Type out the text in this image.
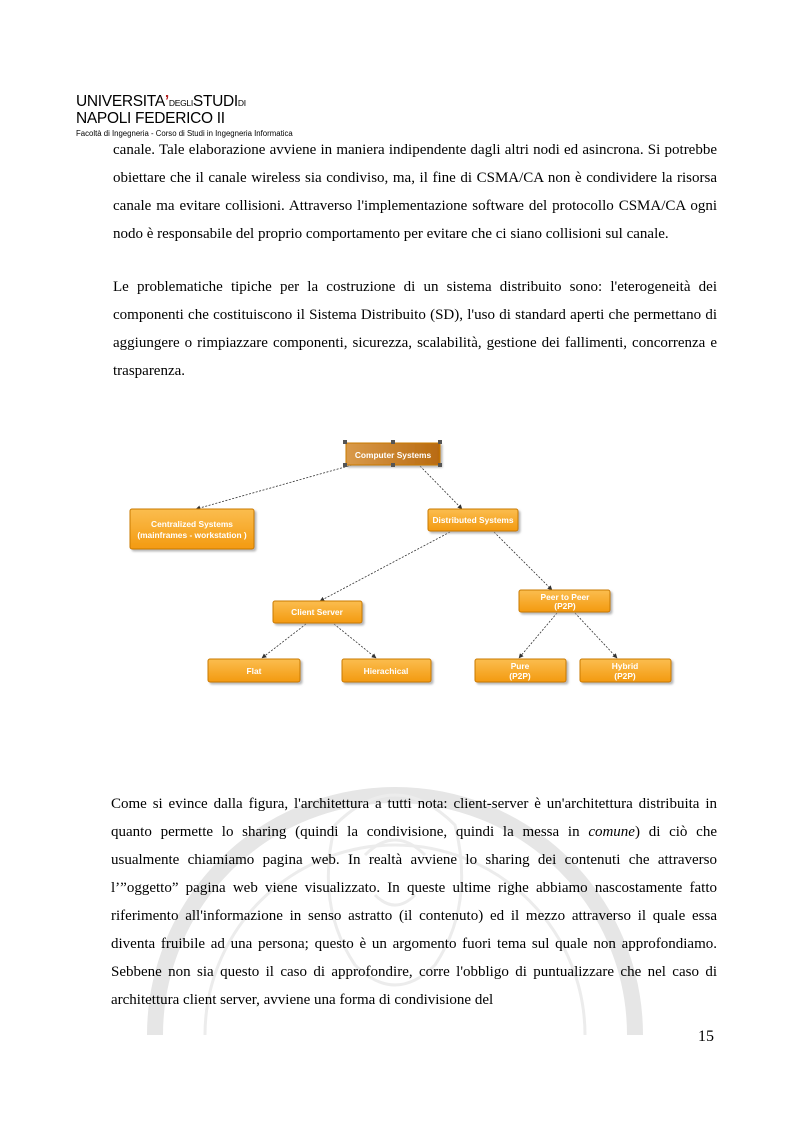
UNIVERSITA’DEGLISTUDIDI
NAPOLI FEDERICO II
Facoltà di Ingegneria - Corso di Studi in Ingegneria Informatica

canale. Tale elaborazione avviene in maniera indipendente dagli altri nodi ed asincrona. Si potrebbe obiettare che il canale wireless sia condiviso, ma, il fine di CSMA/CA non è condividere la risorsa canale ma evitare collisioni. Attraverso l'implementazione software del protocollo CSMA/CA ogni nodo è responsabile del proprio comportamento per evitare che ci siano collisioni sul canale.

Le problematiche tipiche per la costruzione di un sistema distribuito sono: l'eterogeneità dei componenti che costituiscono il Sistema Distribuito (SD), l'uso di standard aperti che permettano di aggiungere o rimpiazzare componenti, sicurezza, scalabilità, gestione dei fallimenti, concorrenza e trasparenza.

Computer Systems
Centralized Systems
(mainframes - workstation )
Distributed Systems
Client Server
Peer to Peer
(P2P)
Flat	Hierachical	Pure
(P2P)
Hybrid
(P2P)

Come si evince dalla figura, l'architettura a tutti nota: client-server è un'architettura distribuita in quanto permette lo sharing (quindi la condivisione, quindi la messa in comune) di ciò che usualmente chiamiamo pagina web. In realtà avviene lo sharing dei contenuti che attraverso l’”oggetto” pagina web viene visualizzato. In queste ultime righe abbiamo nascostamente fatto riferimento all'informazione in senso astratto (il contenuto) ed il mezzo attraverso il quale essa diventa fruibile ad una persona; questo è un argomento fuori tema sul quale non approfondiamo. Sebbene non sia questo il caso di approfondire, corre l'obbligo di puntualizzare che nel caso di architettura client server, avviene una forma di condivisione del

15
